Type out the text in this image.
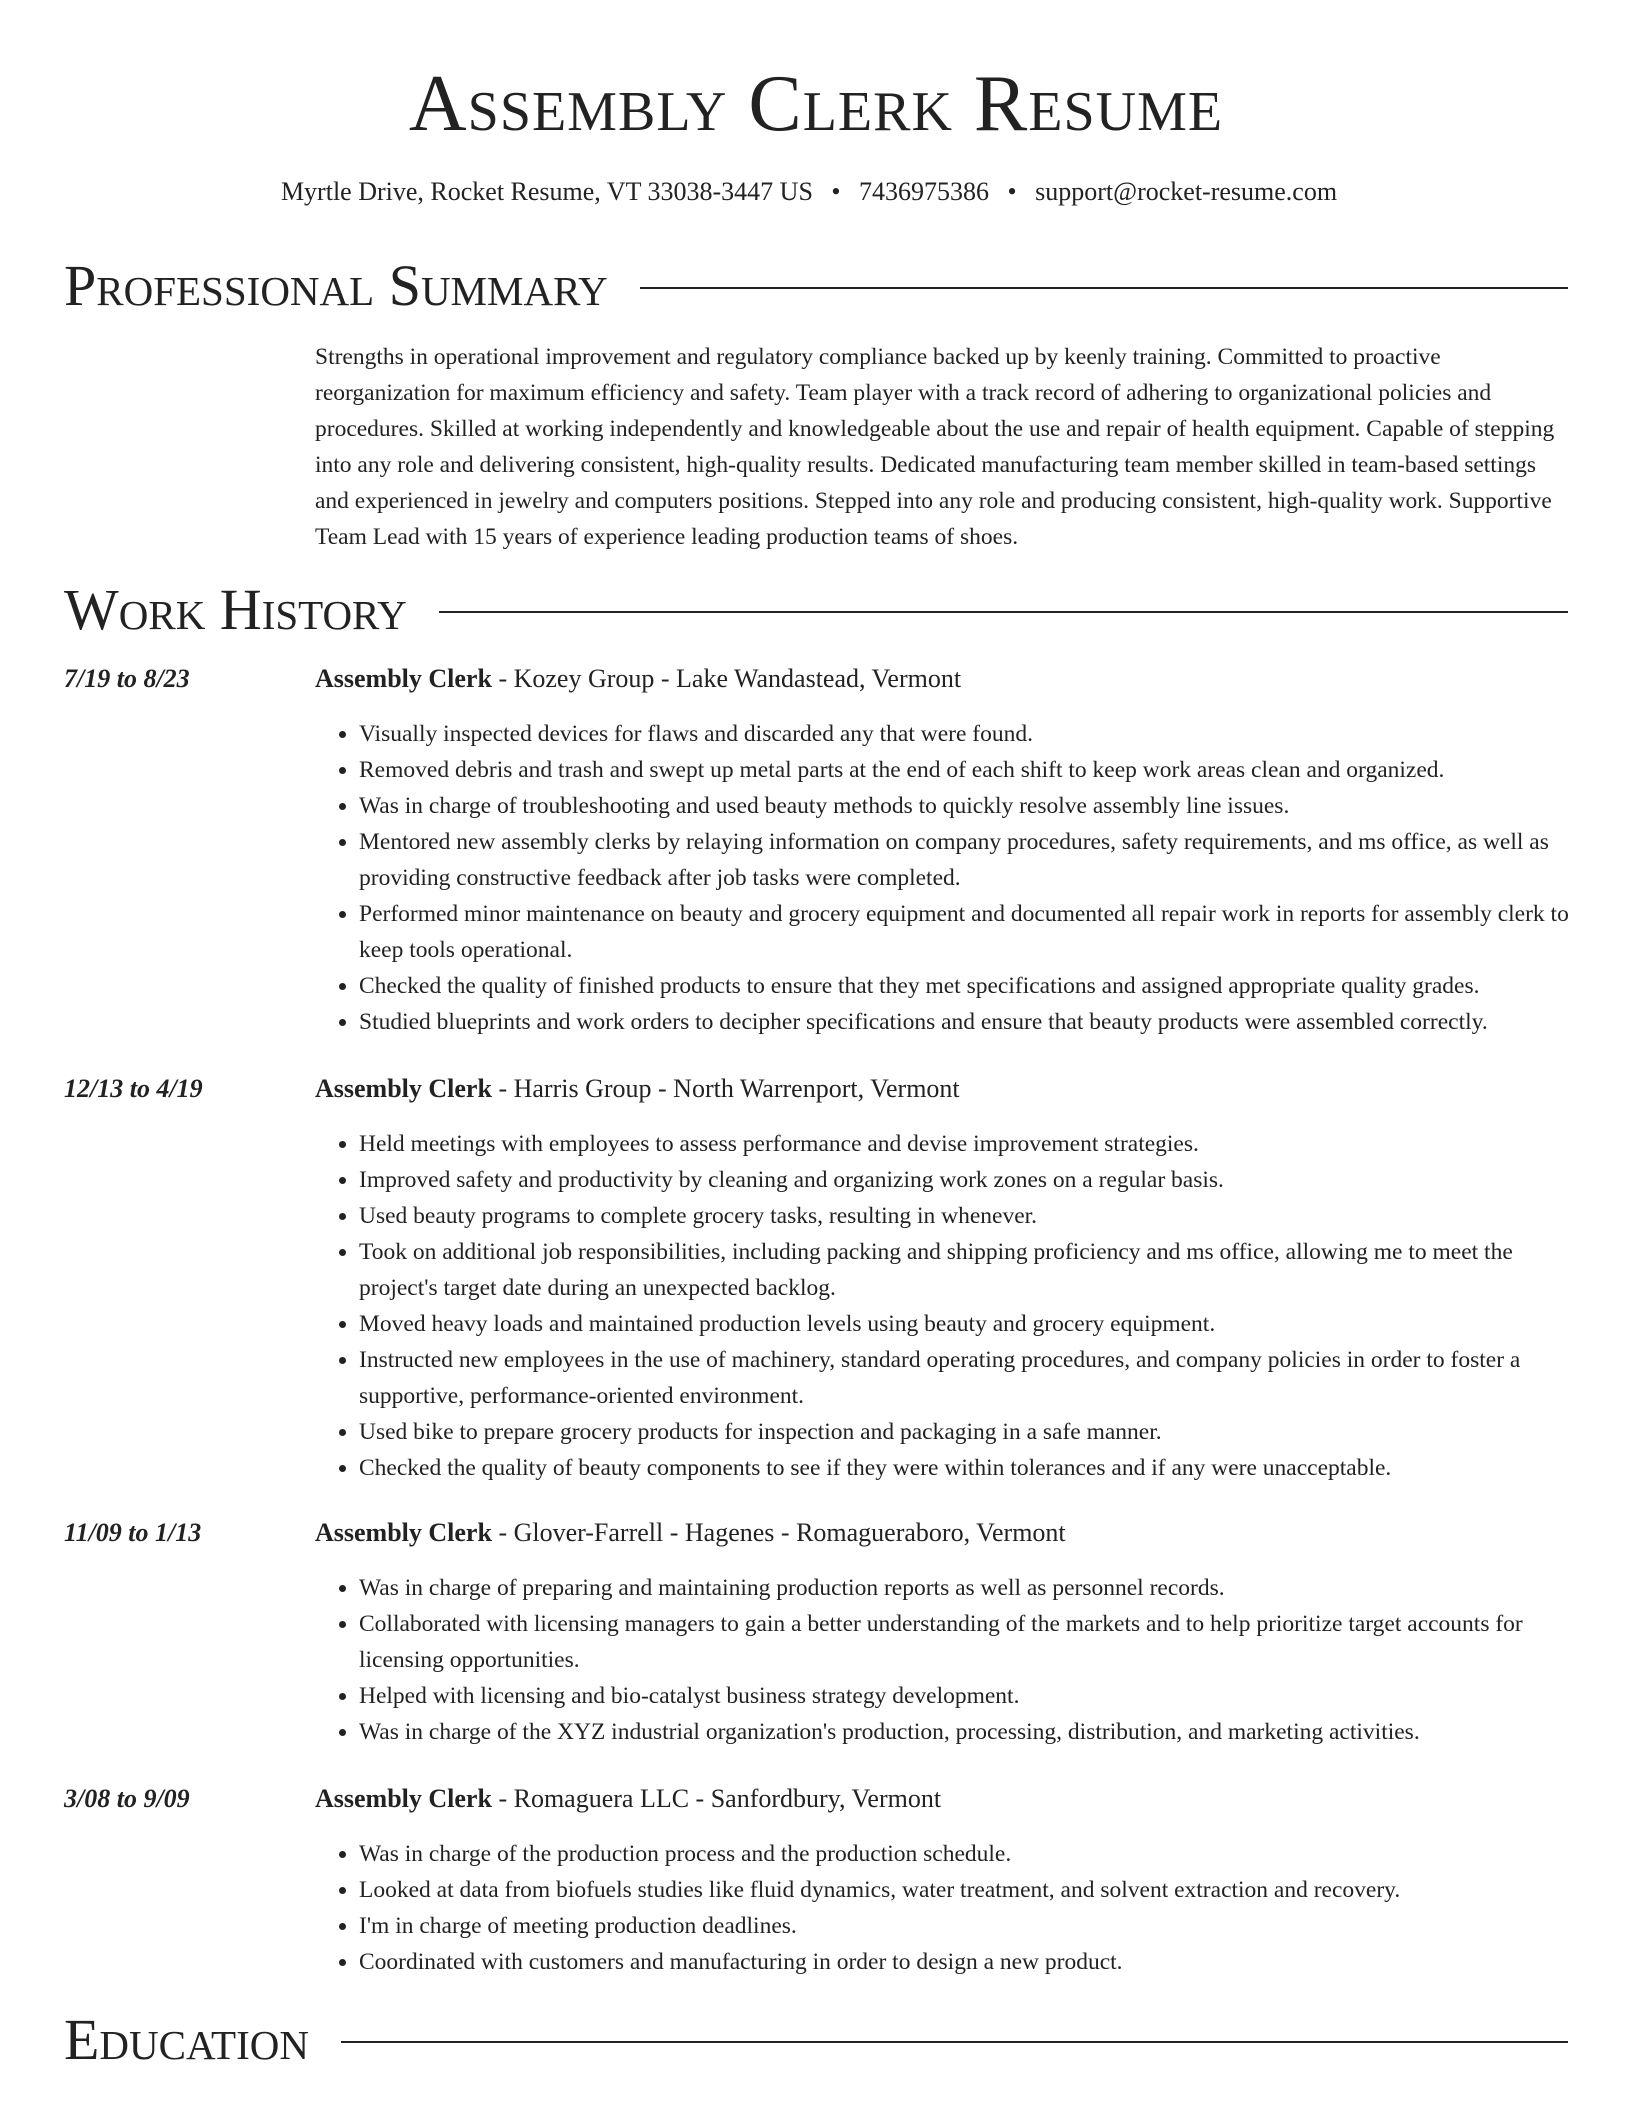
Assembly Clerk Resume
Myrtle Drive, Rocket Resume, VT 33038-3447 US • 7436975386 • support@rocket-resume.com
Professional Summary
Strengths in operational improvement and regulatory compliance backed up by keenly training. Committed to proactive reorganization for maximum efficiency and safety. Team player with a track record of adhering to organizational policies and procedures. Skilled at working independently and knowledgeable about the use and repair of health equipment. Capable of stepping into any role and delivering consistent, high-quality results. Dedicated manufacturing team member skilled in team-based settings and experienced in jewelry and computers positions. Stepped into any role and producing consistent, high-quality work. Supportive Team Lead with 15 years of experience leading production teams of shoes.
Work History
7/19 to 8/23	Assembly Clerk - Kozey Group - Lake Wandastead, Vermont
• Visually inspected devices for flaws and discarded any that were found.
• Removed debris and trash and swept up metal parts at the end of each shift to keep work areas clean and organized.
• Was in charge of troubleshooting and used beauty methods to quickly resolve assembly line issues.
• Mentored new assembly clerks by relaying information on company procedures, safety requirements, and ms office, as well as providing constructive feedback after job tasks were completed.
• Performed minor maintenance on beauty and grocery equipment and documented all repair work in reports for assembly clerk to keep tools operational.
• Checked the quality of finished products to ensure that they met specifications and assigned appropriate quality grades.
• Studied blueprints and work orders to decipher specifications and ensure that beauty products were assembled correctly.
12/13 to 4/19	Assembly Clerk - Harris Group - North Warrenport, Vermont
• Held meetings with employees to assess performance and devise improvement strategies.
• Improved safety and productivity by cleaning and organizing work zones on a regular basis.
• Used beauty programs to complete grocery tasks, resulting in whenever.
• Took on additional job responsibilities, including packing and shipping proficiency and ms office, allowing me to meet the project's target date during an unexpected backlog.
• Moved heavy loads and maintained production levels using beauty and grocery equipment.
• Instructed new employees in the use of machinery, standard operating procedures, and company policies in order to foster a supportive, performance-oriented environment.
• Used bike to prepare grocery products for inspection and packaging in a safe manner.
• Checked the quality of beauty components to see if they were within tolerances and if any were unacceptable.
11/09 to 1/13	Assembly Clerk - Glover-Farrell - Hagenes - Romagueraboro, Vermont
• Was in charge of preparing and maintaining production reports as well as personnel records.
• Collaborated with licensing managers to gain a better understanding of the markets and to help prioritize target accounts for licensing opportunities.
• Helped with licensing and bio-catalyst business strategy development.
• Was in charge of the XYZ industrial organization's production, processing, distribution, and marketing activities.
3/08 to 9/09	Assembly Clerk - Romaguera LLC - Sanfordbury, Vermont
• Was in charge of the production process and the production schedule.
• Looked at data from biofuels studies like fluid dynamics, water treatment, and solvent extraction and recovery.
• I'm in charge of meeting production deadlines.
• Coordinated with customers and manufacturing in order to design a new product.
Education
